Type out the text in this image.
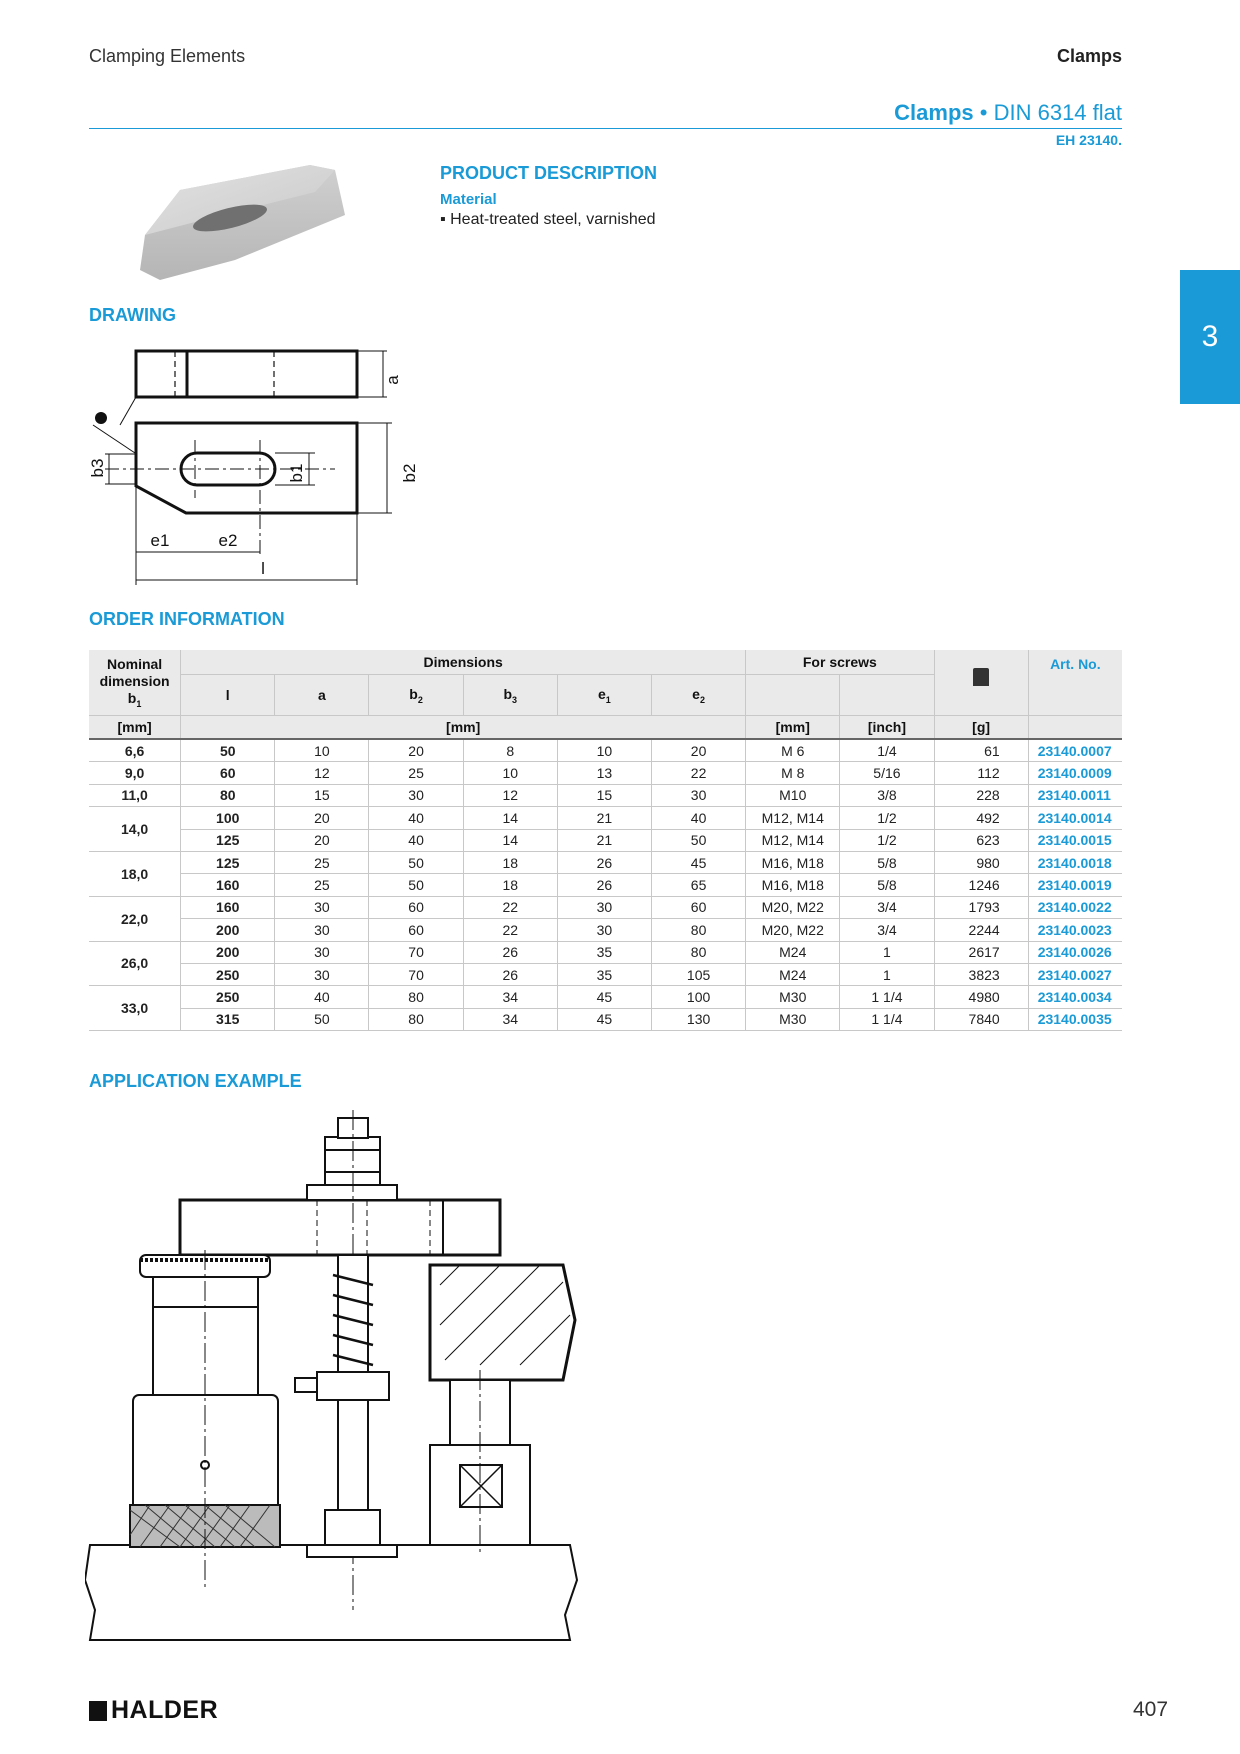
Clamping Elements	Clamps
Clamps • DIN 6314 flat
EH 23140.
3
PRODUCT DESCRIPTION
Material
▪ Heat-treated steel, varnished
DRAWING
a
b1	b2
b3
e1	e2
l
ORDER INFORMATION
Nominal dimension
$b_1$	Dimensions						For screws			Art. No.
	l	a	$b_2$	$b_3$	$e_1$	$e_2$		
[mm]	[mm]						[mm]	[inch]	[g]	
6,6	50	10	20	8	10	20	M 6	1/4	61	23140.0007
9,0	60	12	25	10	13	22	M 8	5/16	112	23140.0009
11,0	80	15	30	12	15	30	M10	3/8	228	23140.0011
14,0	100	20	40	14	21	40	M12, M14	1/2	492	23140.0014
	125	20	40	14	21	50	M12, M14	1/2	623	23140.0015
18,0	125	25	50	18	26	45	M16, M18	5/8	980	23140.0018
	160	25	50	18	26	65	M16, M18	5/8	1246	23140.0019
22,0	160	30	60	22	30	60	M20, M22	3/4	1793	23140.0022
	200	30	60	22	30	80	M20, M22	3/4	2244	23140.0023
26,0	200	30	70	26	35	80	M24	1	2617	23140.0026
	250	30	70	26	35	105	M24	1	3823	23140.0027
33,0	250	40	80	34	45	100	M30	1 1/4	4980	23140.0034
	315	50	80	34	45	130	M30	1 1/4	7840	23140.0035
APPLICATION EXAMPLE
HALDER	407
